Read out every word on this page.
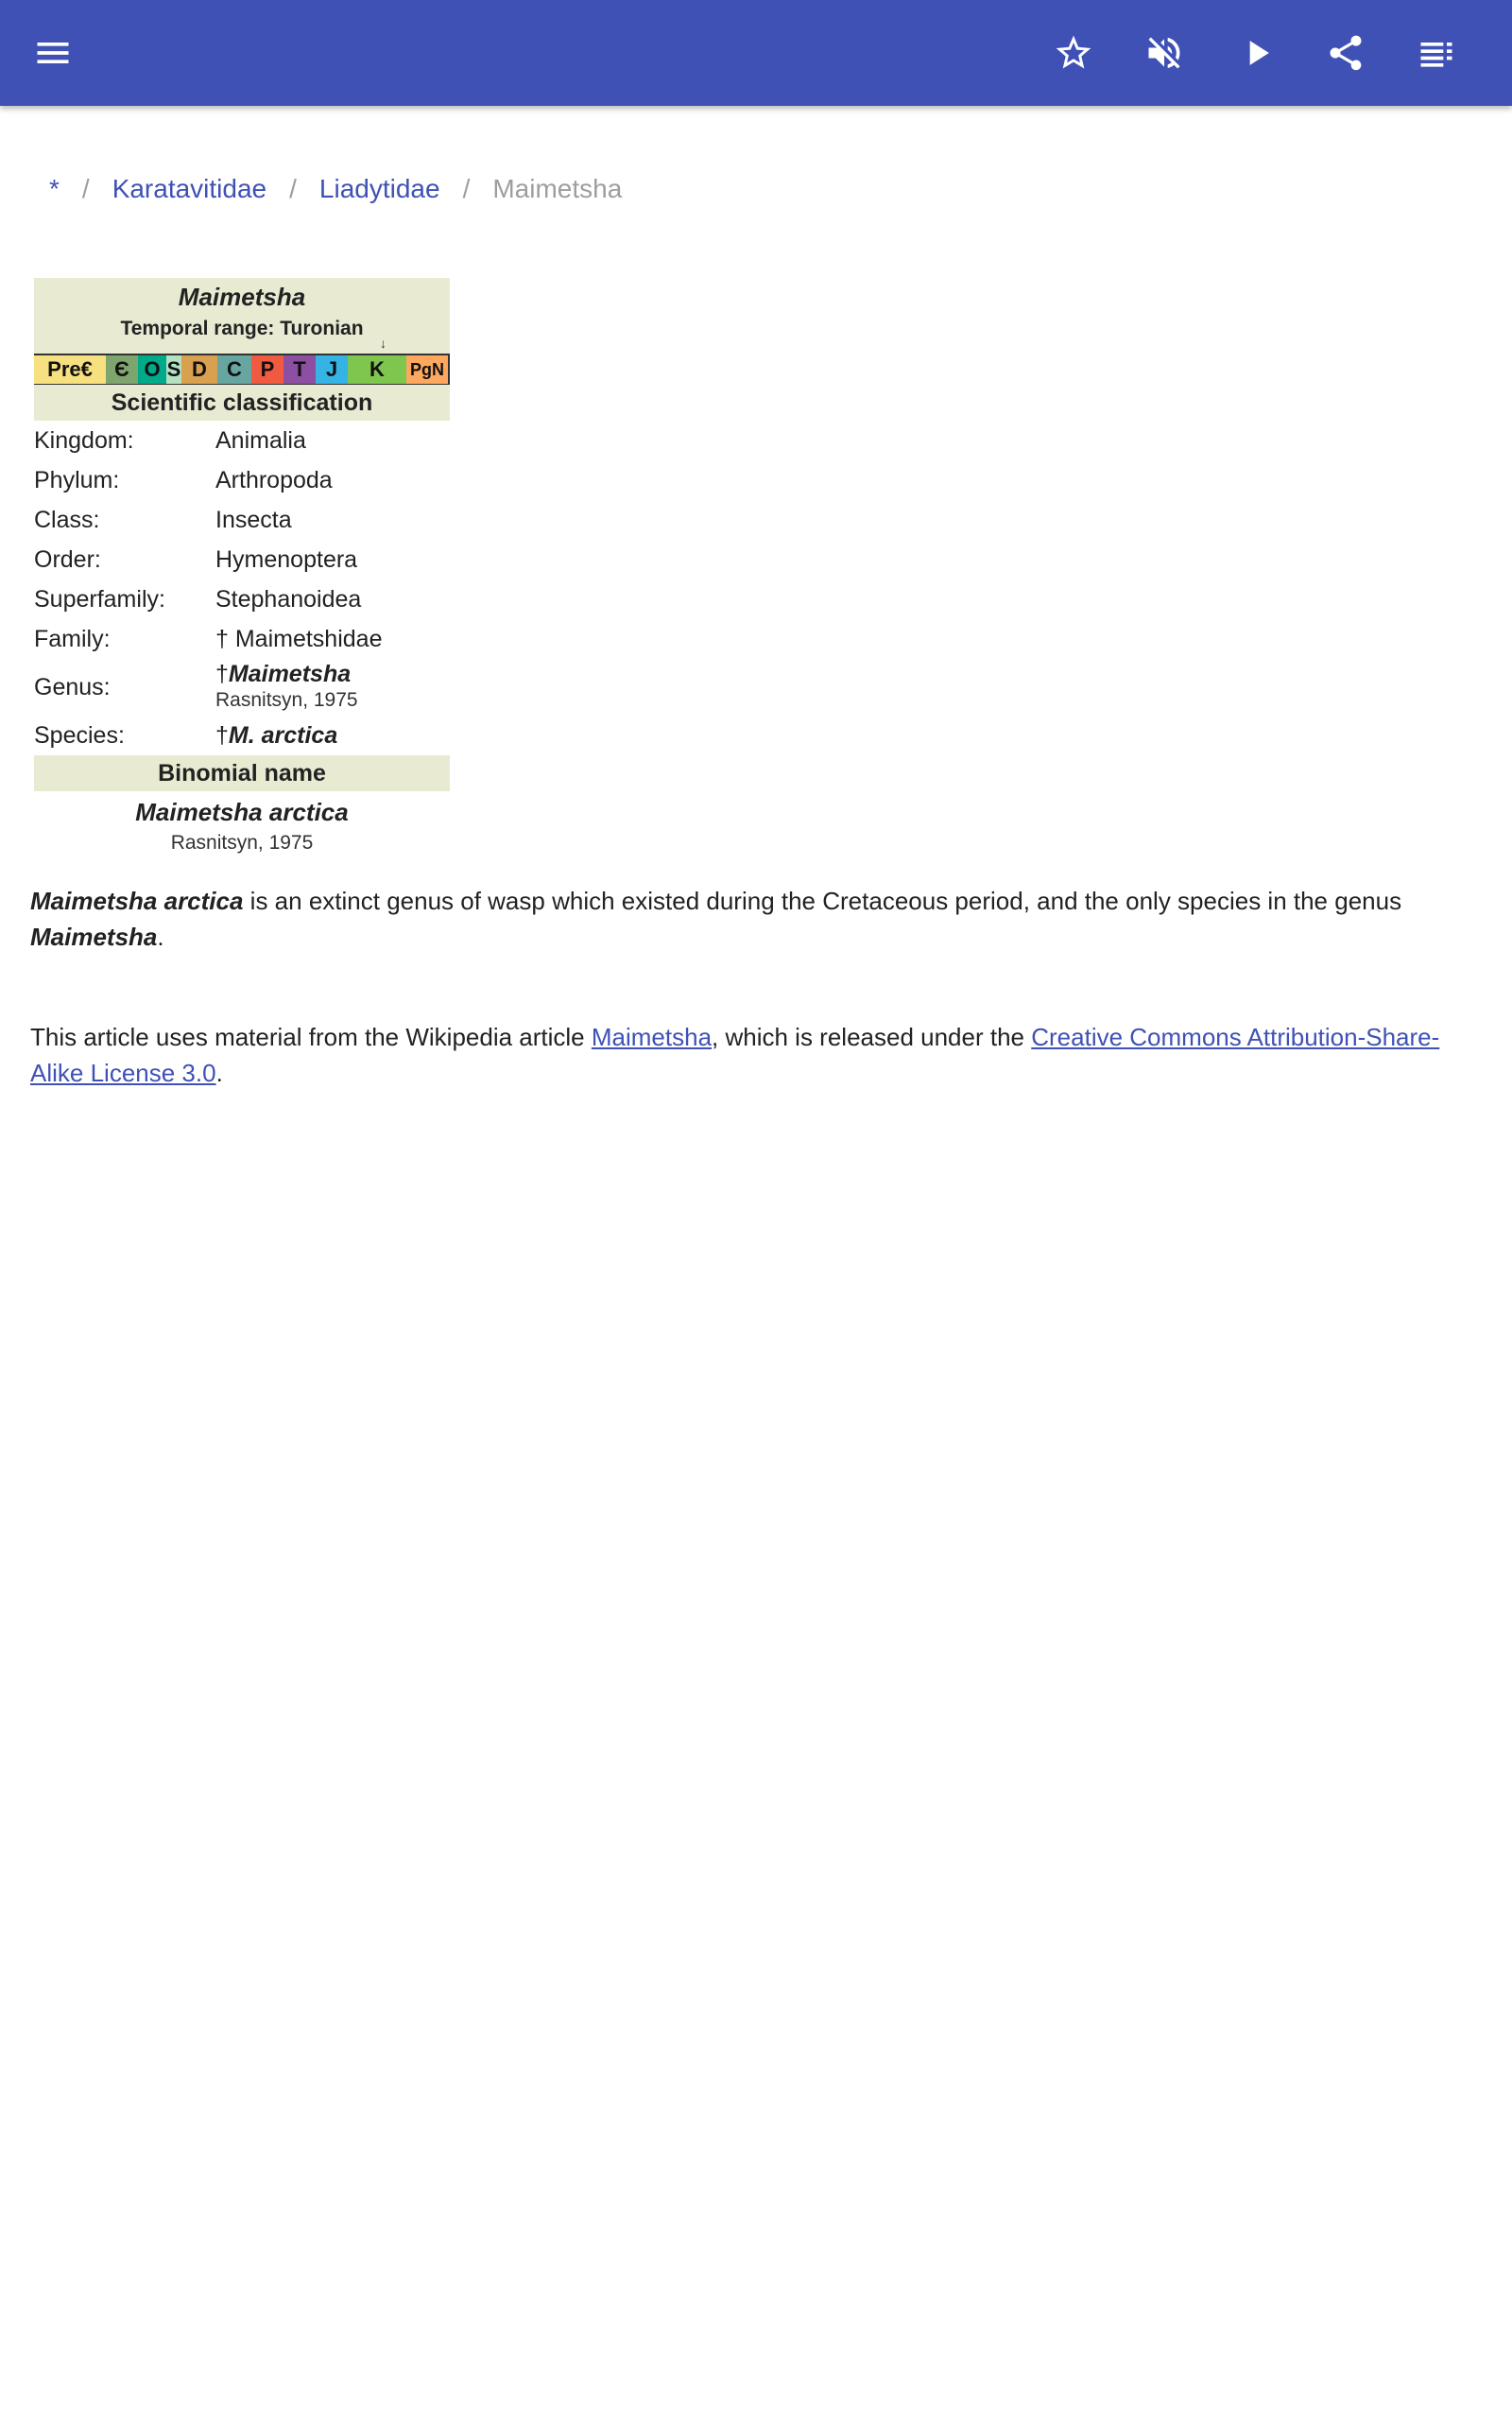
* / Karatavitidae / Liadytidae / Maimetsha
Maimetsha
Temporal range: Turonian
↓
Pre€	Є O S D C P T J	K	PgN
Scientific classification
Kingdom:	Animalia
Phylum:	Arthropoda
Class:	Insecta
Order:	Hymenoptera
Superfamily:	Stephanoidea
Family:	† Maimetshidae
Genus:	†Maimetsha
Rasnitsyn, 1975
Species:	†M. arctica
Binomial name
Maimetsha arctica
Rasnitsyn, 1975

Maimetsha arctica is an extinct genus of wasp which existed during the Cretaceous period, and the only species in the genus Maimetsha.

This article uses material from the Wikipedia article Maimetsha, which is released under the Creative Commons Attribution-Share-Alike License 3.0.
